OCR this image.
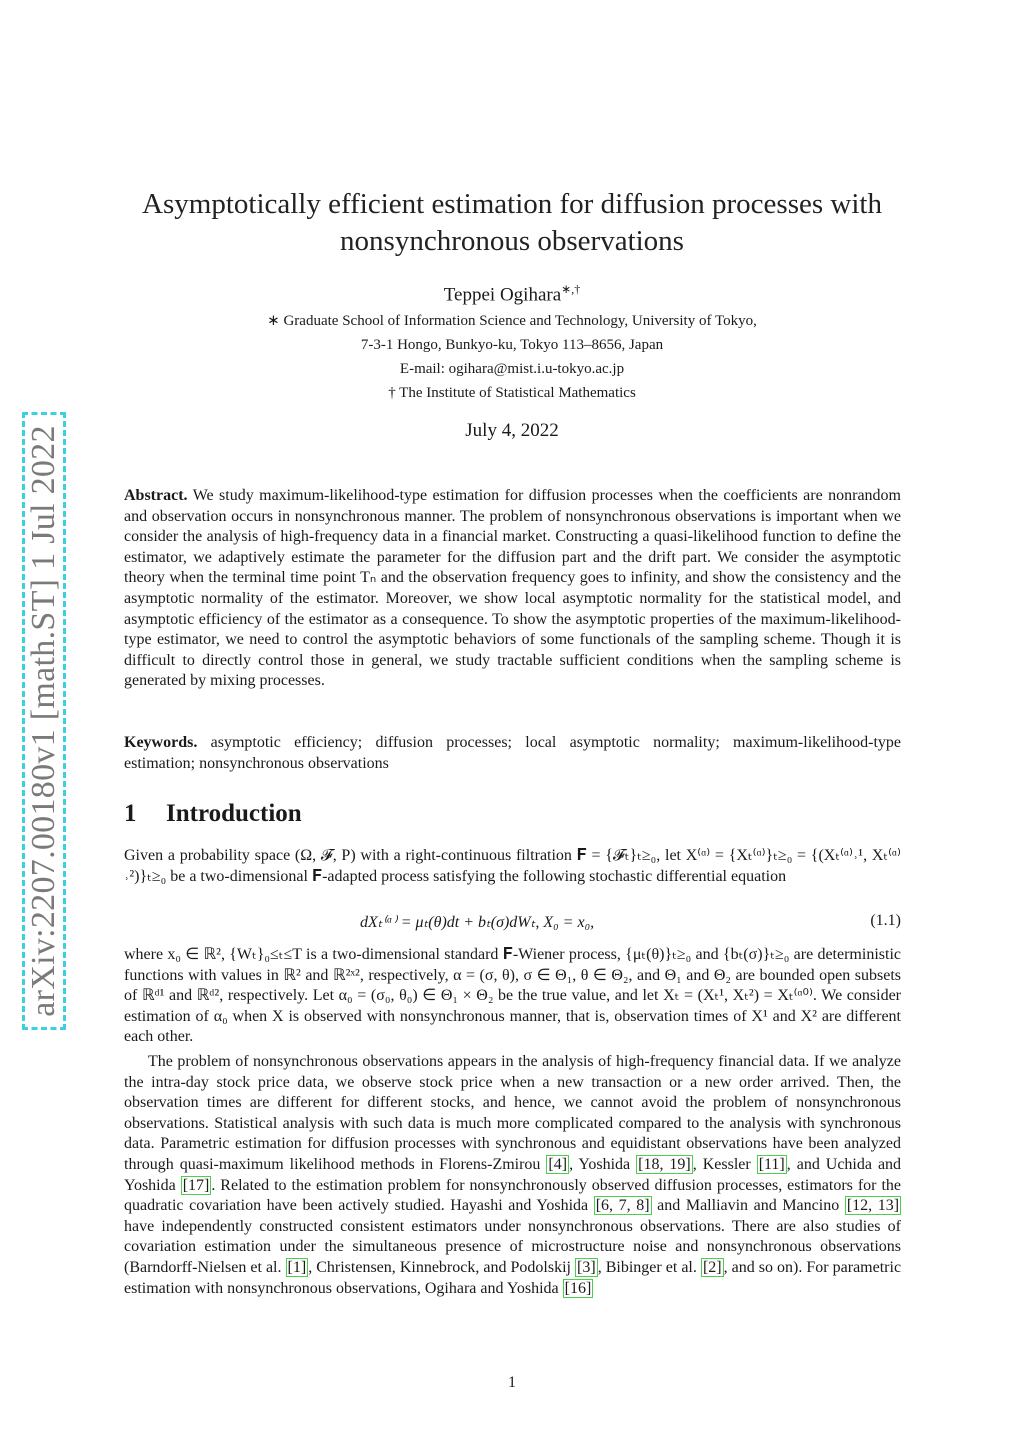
arXiv:2207.00180v1 [math.ST] 1 Jul 2022
Asymptotically efficient estimation for diffusion processes with
nonsynchronous observations
Teppei Ogihara∗,†
∗ Graduate School of Information Science and Technology, University of Tokyo,
7-3-1 Hongo, Bunkyo-ku, Tokyo 113–8656, Japan
E-mail: ogihara@mist.i.u-tokyo.ac.jp
† The Institute of Statistical Mathematics
July 4, 2022

Abstract. We study maximum-likelihood-type estimation for diffusion processes when the coefficients are nonrandom and observation occurs in nonsynchronous manner. The problem of nonsynchronous observations is important when we consider the analysis of high-frequency data in a financial market. Constructing a quasi-likelihood function to define the estimator, we adaptively estimate the parameter for the diffusion part and the drift part. We consider the asymptotic theory when the terminal time point Tₙ and the observation frequency goes to infinity, and show the consistency and the asymptotic normality of the estimator. Moreover, we show local asymptotic normality for the statistical model, and asymptotic efficiency of the estimator as a consequence. To show the asymptotic properties of the maximum-likelihood-type estimator, we need to control the asymptotic behaviors of some functionals of the sampling scheme. Though it is difficult to directly control those in general, we study tractable sufficient conditions when the sampling scheme is generated by mixing processes.

Keywords. asymptotic efficiency; diffusion processes; local asymptotic normality; maximum-likelihood-type estimation; nonsynchronous observations

1 Introduction

Given a probability space (Ω, 𝓕, P) with a right-continuous filtration 𝐅 = {𝓕ₜ}ₜ≥₀, let X⁽ᵅ⁾ = {Xₜ⁽ᵅ⁾}ₜ≥₀ = {(Xₜ⁽ᵅ⁾˒¹, Xₜ⁽ᵅ⁾˒²)}ₜ≥₀ be a two-dimensional 𝐅-adapted process satisfying the following stochastic differential equation

dXₜ⁽ᵅ⁾ = μₜ(θ)dt + bₜ(σ)dWₜ, X₀ = x₀,	(1.1)

where x₀ ∈ ℝ², {Wₜ}₀≤ₜ≤T is a two-dimensional standard 𝐅-Wiener process, {μₜ(θ)}ₜ≥₀ and {bₜ(σ)}ₜ≥₀ are deterministic functions with values in ℝ² and ℝ²ˣ², respectively, α = (σ, θ), σ ∈ Θ₁, θ ∈ Θ₂, and Θ₁ and Θ₂ are bounded open subsets of ℝᵈ¹ and ℝᵈ², respectively. Let α₀ = (σ₀, θ₀) ∈ Θ₁ × Θ₂ be the true value, and let Xₜ = (Xₜ¹, Xₜ²) = Xₜ⁽ᵅ⁰⁾. We consider estimation of α₀ when X is observed with nonsynchronous manner, that is, observation times of X¹ and X² are different each other.

The problem of nonsynchronous observations appears in the analysis of high-frequency financial data. If we analyze the intra-day stock price data, we observe stock price when a new transaction or a new order arrived. Then, the observation times are different for different stocks, and hence, we cannot avoid the problem of nonsynchronous observations. Statistical analysis with such data is much more complicated compared to the analysis with synchronous data. Parametric estimation for diffusion processes with synchronous and equidistant observations have been analyzed through quasi-maximum likelihood methods in Florens-Zmirou [4] , Yoshida [18, 19] , Kessler [11] , and Uchida and Yoshida [17] . Related to the estimation problem for nonsynchronously observed diffusion processes, estimators for the quadratic covariation have been actively studied. Hayashi and Yoshida [6, 7, 8] and Malliavin and Mancino [12, 13] have independently constructed consistent estimators under nonsynchronous observations. There are also studies of covariation estimation under the simultaneous presence of microstructure noise and nonsynchronous observations (Barndorff-Nielsen et al. [1] , Christensen, Kinnebrock, and Podolskij [3] , Bibinger et al. [2] , and so on). For parametric estimation with nonsynchronous observations, Ogihara and Yoshida [16]

1
